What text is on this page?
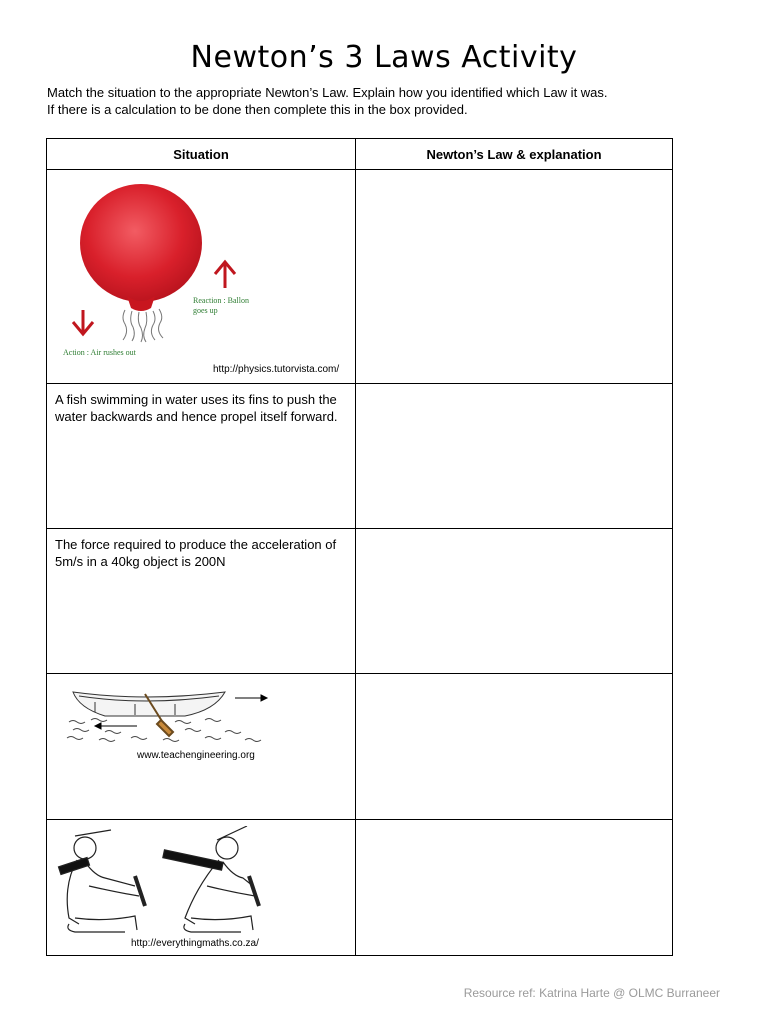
Newton’s 3 Laws Activity
Match the situation to the appropriate Newton’s Law. Explain how you identified which Law it was.
If there is a calculation to be done then complete this in the box provided.
Situation	Newton’s Law & explanation

Reaction : Ballon
goes up
Action : Air rushes out
http://physics.tutorvista.com/	

A fish swimming in water uses its fins to push the water backwards and hence propel itself forward.	

The force required to produce the acceleration of 5m/s in a 40kg object is 200N	

www.teachengineering.org	

http://everythingmaths.co.za/	

Resource ref: Katrina Harte @ OLMC Burraneer
